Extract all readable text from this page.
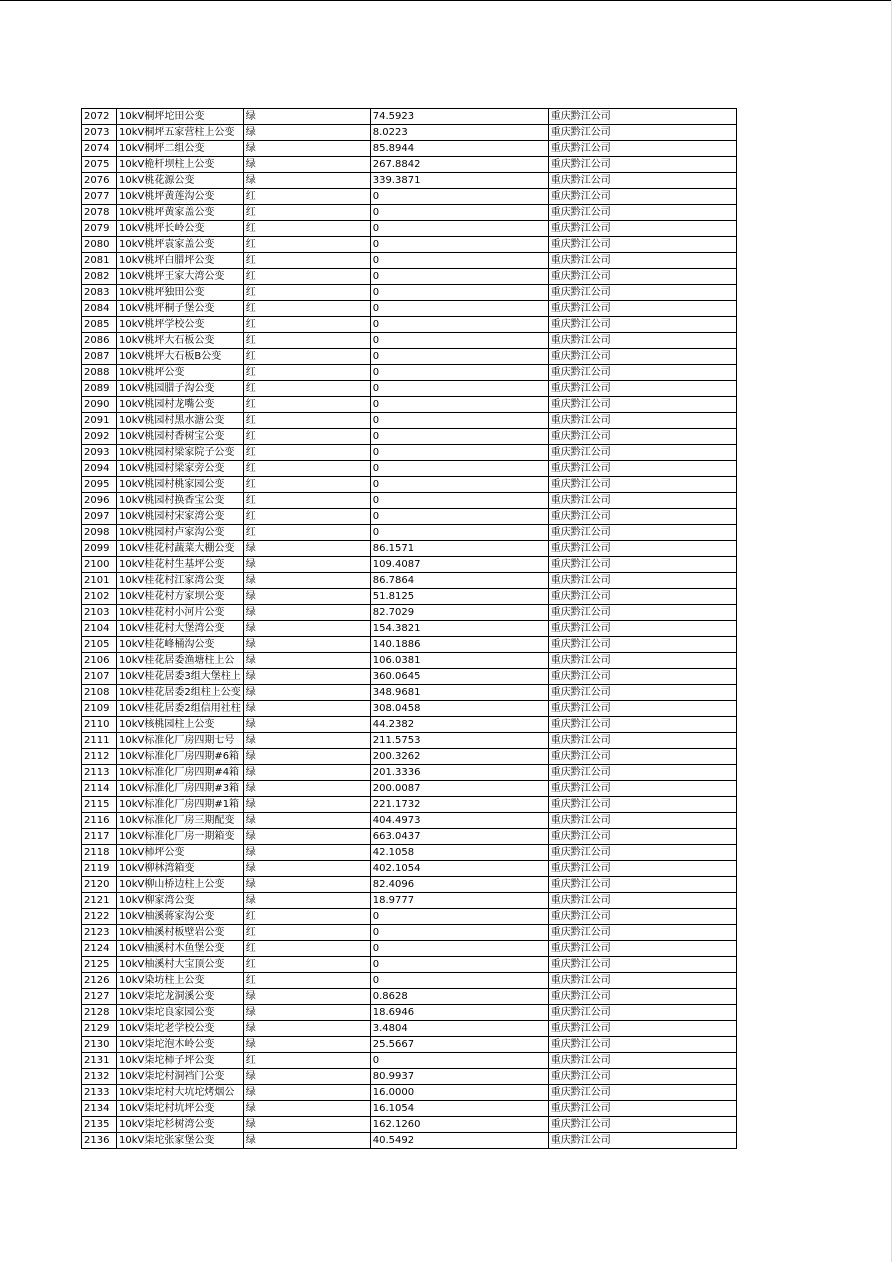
2072	10kV桐坪坨田公变	绿	74.5923	重庆黔江公司
2073	10kV桐坪五家营柱上公变	绿	8.0223	重庆黔江公司
2074	10kV桐坪二组公变	绿	85.8944	重庆黔江公司
2075	10kV桅杆坝柱上公变	绿	267.8842	重庆黔江公司
2076	10kV桃花源公变	绿	339.3871	重庆黔江公司
2077	10kV桃坪黄莲沟公变	红	0	重庆黔江公司
2078	10kV桃坪黄家盖公变	红	0	重庆黔江公司
2079	10kV桃坪长岭公变	红	0	重庆黔江公司
2080	10kV桃坪袁家盖公变	红	0	重庆黔江公司
2081	10kV桃坪白腊坪公变	红	0	重庆黔江公司
2082	10kV桃坪王家大湾公变	红	0	重庆黔江公司
2083	10kV桃坪独田公变	红	0	重庆黔江公司
2084	10kV桃坪桐子堡公变	红	0	重庆黔江公司
2085	10kV桃坪学校公变	红	0	重庆黔江公司
2086	10kV桃坪大石板公变	红	0	重庆黔江公司
2087	10kV桃坪大石板B公变	红	0	重庆黔江公司
2088	10kV桃坪公变	红	0	重庆黔江公司
2089	10kV桃园腊子沟公变	红	0	重庆黔江公司
2090	10kV桃园村龙嘴公变	红	0	重庆黔江公司
2091	10kV桃园村黑水溏公变	红	0	重庆黔江公司
2092	10kV桃园村香树宝公变	红	0	重庆黔江公司
2093	10kV桃园村梁家院子公变	红	0	重庆黔江公司
2094	10kV桃园村梁家旁公变	红	0	重庆黔江公司
2095	10kV桃园村桃家园公变	红	0	重庆黔江公司
2096	10kV桃园村换香宝公变	红	0	重庆黔江公司
2097	10kV桃园村宋家湾公变	红	0	重庆黔江公司
2098	10kV桃园村卢家沟公变	红	0	重庆黔江公司
2099	10kV桂花村蔬菜大棚公变	绿	86.1571	重庆黔江公司
2100	10kV桂花村生基坪公变	绿	109.4087	重庆黔江公司
2101	10kV桂花村江家湾公变	绿	86.7864	重庆黔江公司
2102	10kV桂花村方家坝公变	绿	51.8125	重庆黔江公司
2103	10kV桂花村小河片公变	绿	82.7029	重庆黔江公司
2104	10kV桂花村大堡湾公变	绿	154.3821	重庆黔江公司
2105	10kV桂花峰桶沟公变	绿	140.1886	重庆黔江公司
2106	10kV桂花居委渔塘柱上公	绿	106.0381	重庆黔江公司
2107	10kV桂花居委3组大堡柱上	绿	360.0645	重庆黔江公司
2108	10kV桂花居委2组柱上公变	绿	348.9681	重庆黔江公司
2109	10kV桂花居委2组信用社柱	绿	308.0458	重庆黔江公司
2110	10kV核桃园柱上公变	绿	44.2382	重庆黔江公司
2111	10kV标准化厂房四期七号	绿	211.5753	重庆黔江公司
2112	10kV标准化厂房四期#6箱	绿	200.3262	重庆黔江公司
2113	10kV标准化厂房四期#4箱	绿	201.3336	重庆黔江公司
2114	10kV标准化厂房四期#3箱	绿	200.0087	重庆黔江公司
2115	10kV标准化厂房四期#1箱	绿	221.1732	重庆黔江公司
2116	10kV标准化厂房三期配变	绿	404.4973	重庆黔江公司
2117	10kV标准化厂房一期箱变	绿	663.0437	重庆黔江公司
2118	10kV柿坪公变	绿	42.1058	重庆黔江公司
2119	10kV柳林湾箱变	绿	402.1054	重庆黔江公司
2120	10kV柳山桥边柱上公变	绿	82.4096	重庆黔江公司
2121	10kV柳家湾公变	绿	18.9777	重庆黔江公司
2122	10kV柚溪蒋家沟公变	红	0	重庆黔江公司
2123	10kV柚溪村板壁岩公变	红	0	重庆黔江公司
2124	10kV柚溪村木鱼堡公变	红	0	重庆黔江公司
2125	10kV柚溪村大宝顶公变	红	0	重庆黔江公司
2126	10kV染坊柱上公变	红	0	重庆黔江公司
2127	10kV柒坨龙洞溪公变	绿	0.8628	重庆黔江公司
2128	10kV柒坨良家园公变	绿	18.6946	重庆黔江公司
2129	10kV柒坨老学校公变	绿	3.4804	重庆黔江公司
2130	10kV柒坨泡木岭公变	绿	25.5667	重庆黔江公司
2131	10kV柒坨柿子坪公变	红	0	重庆黔江公司
2132	10kV柒坨村洞裆门公变	绿	80.9937	重庆黔江公司
2133	10kV柒坨村大坑坨烤烟公	绿	16.0000	重庆黔江公司
2134	10kV柒坨村坑坪公变	绿	16.1054	重庆黔江公司
2135	10kV柒坨杉树湾公变	绿	162.1260	重庆黔江公司
2136	10kV柒坨张家堡公变	绿	40.5492	重庆黔江公司
